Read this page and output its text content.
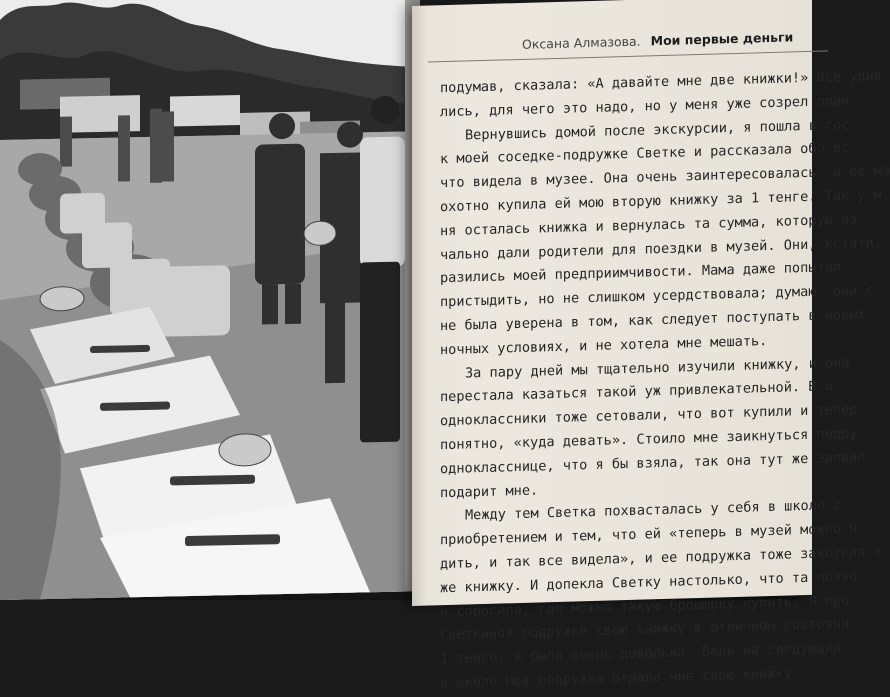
Оксана Алмазова. Мои первые деньги
подумав, сказала: «А давайте мне две книжки!» Все удив
лись, для чего это надо, но у меня уже созрел план.
Вернувшись домой после экскурсии, я пошла в гос
к моей соседке-подружке Светке и рассказала обо вс
что видела в музее. Она очень заинтересовалась, и ее ма
охотно купила ей мою вторую книжку за 1 тенге. Так у м
ня осталась книжка и вернулась та сумма, которую из
чально дали родители для поездки в музей. Они, кстати,
разились моей предприимчивости. Мама даже попытал
пристыдить, но не слишком усердствовала; думаю, она с
не была уверена в том, как следует поступать в новых
ночных условиях, и не хотела мне мешать.
За пару дней мы тщательно изучили книжку, и она
перестала казаться такой уж привлекательной. В ш
одноклассники тоже сетовали, что вот купили и тепер
понятно, «куда девать». Стоило мне заикнуться подру
однокласснице, что я бы взяла, так она тут же заявил
подарит мне.
Между тем Светка похвасталась у себя в школе с
приобретением и тем, что ей «теперь в музей можно н
дить, и так все видела», и ее подружка тоже захотела т
же книжку. И допекла Светку настолько, что та позво
и спросила, где можно такую брошюрку купить. Я про
Светкиной подружке свою книжку в отличном состояни
1 тенге, и была очень довольна. Ведь на следующий
в школе моя подружка отдала мне свою книжку
